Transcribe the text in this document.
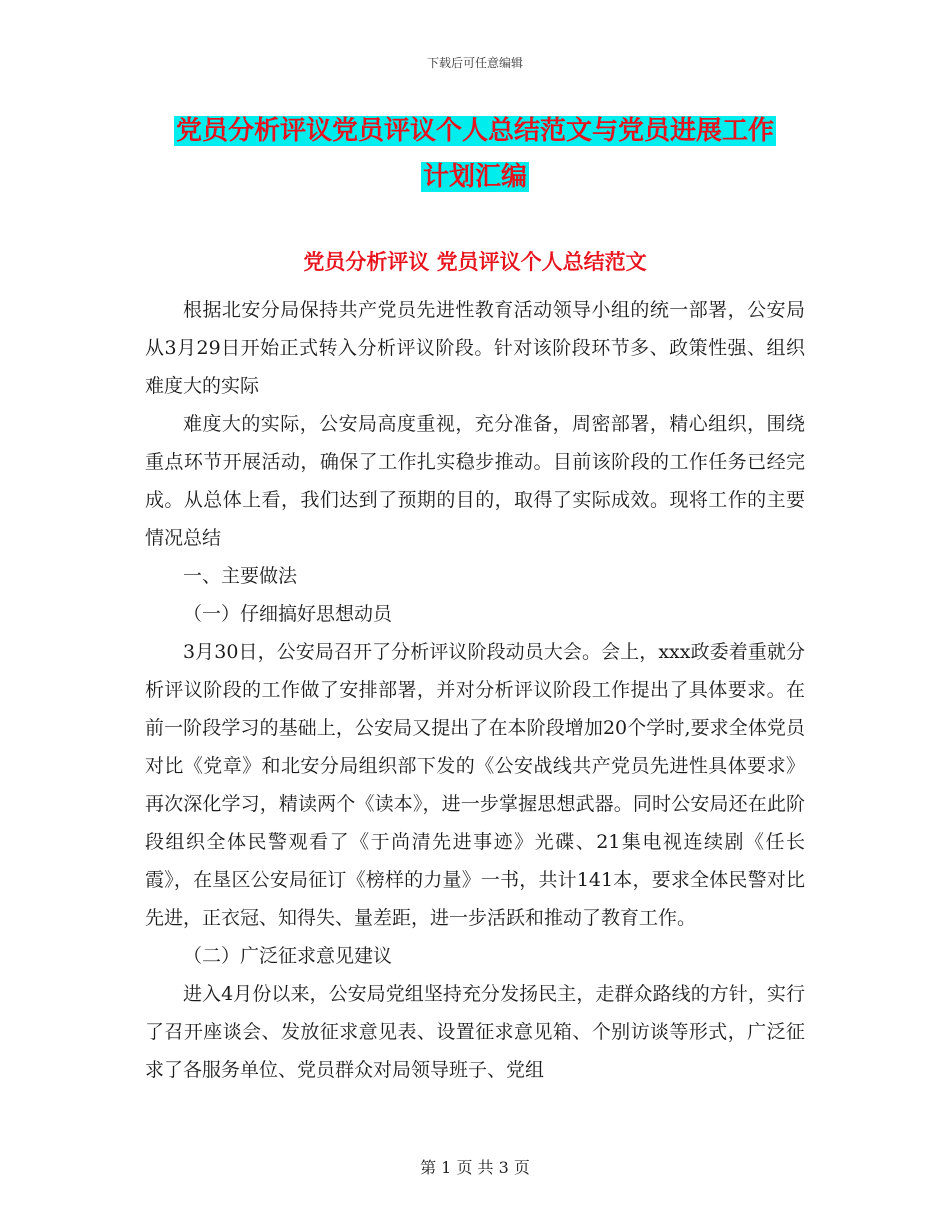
下载后可任意编辑
党员分析评议党员评议个人总结范文与党员进展工作
计划汇编
党员分析评议 党员评议个人总结范文

根据北安分局保持共产党员先进性教育活动领导小组的统一部署，公安局从3月29日开始正式转入分析评议阶段。针对该阶段环节多、政策性强、组织难度大的实际

难度大的实际，公安局高度重视，充分准备，周密部署，精心组织，围绕重点环节开展活动，确保了工作扎实稳步推动。目前该阶段的工作任务已经完成。从总体上看，我们达到了预期的目的，取得了实际成效。现将工作的主要情况总结

一、主要做法

（一）仔细搞好思想动员

3月30日，公安局召开了分析评议阶段动员大会。会上，xxx政委着重就分析评议阶段的工作做了安排部署，并对分析评议阶段工作提出了具体要求。在前一阶段学习的基础上，公安局又提出了在本阶段增加20个学时,要求全体党员对比《党章》和北安分局组织部下发的《公安战线共产党员先进性具体要求》再次深化学习，精读两个《读本》，进一步掌握思想武器。同时公安局还在此阶段组织全体民警观看了《于尚清先进事迹》光碟、21集电视连续剧《任长霞》，在垦区公安局征订《榜样的力量》一书，共计141本，要求全体民警对比先进，正衣冠、知得失、量差距，进一步活跃和推动了教育工作。

（二）广泛征求意见建议

进入4月份以来，公安局党组坚持充分发扬民主，走群众路线的方针，实行了召开座谈会、发放征求意见表、设置征求意见箱、个别访谈等形式，广泛征求了各服务单位、党员群众对局领导班子、党组

第 1 页 共 3 页
